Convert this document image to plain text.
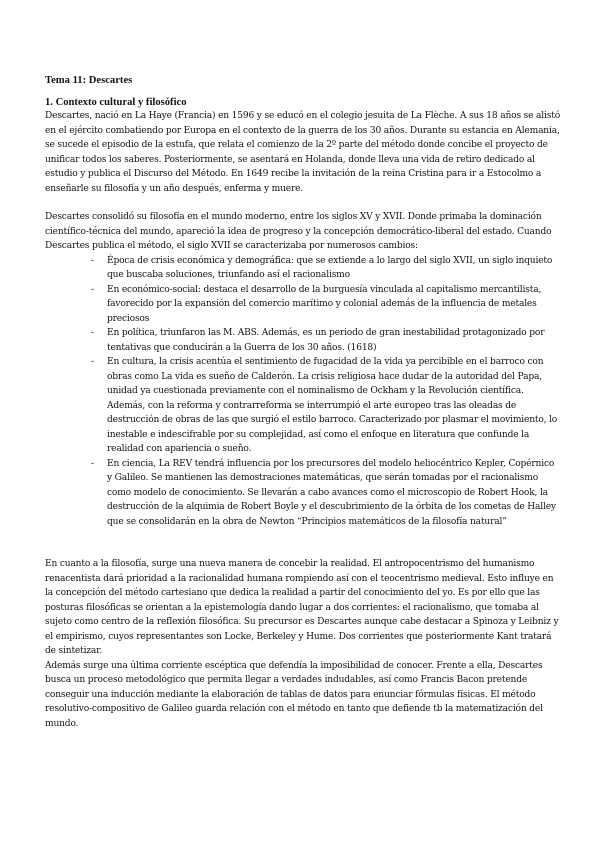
Tema 11: Descartes
1. Contexto cultural y filosófico

Descartes, nació en La Haye (Francia) en 1596 y se educó en el colegio jesuita de La Flèche. A sus 18 años se alistó en el ejército combatiendo por Europa en el contexto de la guerra de los 30 años. Durante su estancia en Alemania, se sucede el episodio de la estufa, que relata el comienzo de la 2º parte del método donde concibe el proyecto de unificar todos los saberes. Posteriormente, se asentará en Holanda, donde lleva una vida de retiro dedicado al estudio y publica el Discurso del Método. En 1649 recibe la invitación de la reina Cristina para ir a Estocolmo a enseñarle su filosofía y un año después, enferma y muere.

Descartes consolidó su filosofía en el mundo moderno, entre los siglos XV y XVII. Donde primaba la dominación científico-técnica del mundo, apareció la idea de progreso y la concepción democrático-liberal del estado. Cuando Descartes publica el método, el siglo XVII se caracterizaba por numerosos cambios:

- Época de crisis económica y demográfica: que se extiende a lo largo del siglo XVII, un siglo inquieto que buscaba soluciones, triunfando así el racionalismo
- En económico-social: destaca el desarrollo de la burguesía vinculada al capitalismo mercantilista, favorecido por la expansión del comercio marítimo y colonial además de la influencia de metales preciosos
- En política, triunfaron las M. ABS. Además, es un periodo de gran inestabilidad protagonizado por tentativas que conducirán a la Guerra de los 30 años. (1618)
- En cultura, la crisis acentúa el sentimiento de fugacidad de la vida ya percibible en el barroco con obras como La vida es sueño de Calderón. La crisis religiosa hace dudar de la autoridad del Papa, unidad ya cuestionada previamente con el nominalismo de Ockham y la Revolución científica. Además, con la reforma y contrarreforma se interrumpió el arte europeo tras las oleadas de destrucción de obras de las que surgió el estilo barroco. Caracterizado por plasmar el movimiento, lo inestable e indescifrable por su complejidad, así como el enfoque en literatura que confunde la realidad con apariencia o sueño.
- En ciencia, La REV tendrá influencia por los precursores del modelo heliocéntrico Kepler, Copérnico y Galileo. Se mantienen las demostraciones matemáticas, que serán tomadas por el racionalismo como modelo de conocimiento. Se llevarán a cabo avances como el microscopio de Robert Hook, la destrucción de la alquimia de Robert Boyle y el descubrimiento de la órbita de los cometas de Halley que se consolidarán en la obra de Newton “Principios matemáticos de la filosofía natural”

En cuanto a la filosofía, surge una nueva manera de concebir la realidad. El antropocentrismo del humanismo renacentista dará prioridad a la racionalidad humana rompiendo así con el teocentrismo medieval. Esto influye en la concepción del método cartesiano que dedica la realidad a partir del conocimiento del yo. Es por ello que las posturas filosóficas se orientan a la epistemología dando lugar a dos corrientes: el racionalismo, que tomaba al sujeto como centro de la reflexión filosófica. Su precursor es Descartes aunque cabe destacar a Spinoza y Leibniz y el empirismo, cuyos representantes son Locke, Berkeley y Hume. Dos corrientes que posteriormente Kant tratará de sintetizar.

Además surge una última corriente escéptica que defendía la imposibilidad de conocer. Frente a ella, Descartes busca un proceso metodológico que permita llegar a verdades indudables, así como Francis Bacon pretende conseguir una inducción mediante la elaboración de tablas de datos para enunciar fórmulas físicas. El método resolutivo-compositivo de Galileo guarda relación con el método en tanto que defiende tb la matematización del mundo.
